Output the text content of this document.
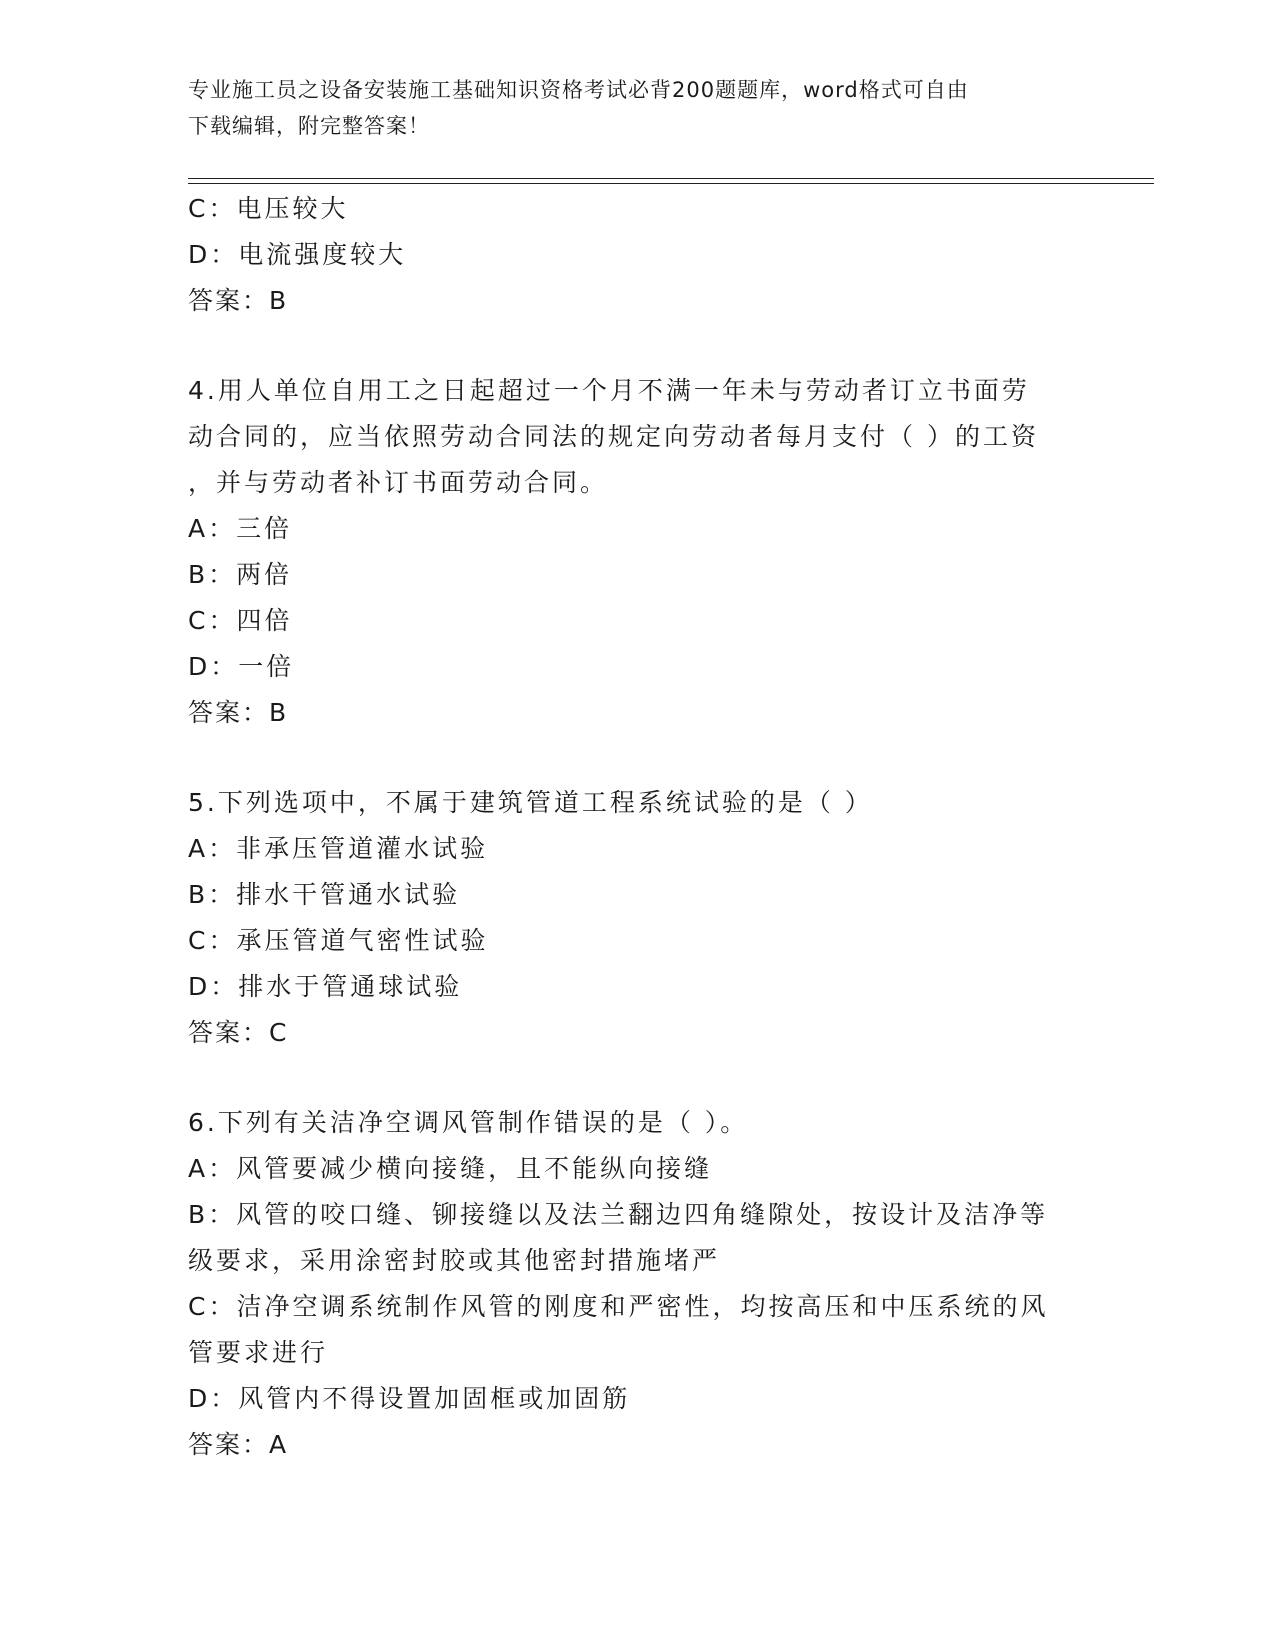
专业施工员之设备安装施工基础知识资格考试必背200题题库，word格式可自由
下载编辑，附完整答案！
C：电压较大
D：电流强度较大
答案：B
4.用人单位自用工之日起超过一个月不满一年未与劳动者订立书面劳
动合同的，应当依照劳动合同法的规定向劳动者每月支付（ ）的工资
，并与劳动者补订书面劳动合同。
A：三倍
B：两倍
C：四倍
D：一倍
答案：B
5.下列选项中，不属于建筑管道工程系统试验的是（ ）
A：非承压管道灌水试验
B：排水干管通水试验
C：承压管道气密性试验
D：排水于管通球试验
答案：C
6.下列有关洁净空调风管制作错误的是（ ）。
A：风管要减少横向接缝，且不能纵向接缝
B：风管的咬口缝、铆接缝以及法兰翻边四角缝隙处，按设计及洁净等
级要求，采用涂密封胶或其他密封措施堵严
C：洁净空调系统制作风管的刚度和严密性，均按高压和中压系统的风
管要求进行
D：风管内不得设置加固框或加固筋
答案：A
